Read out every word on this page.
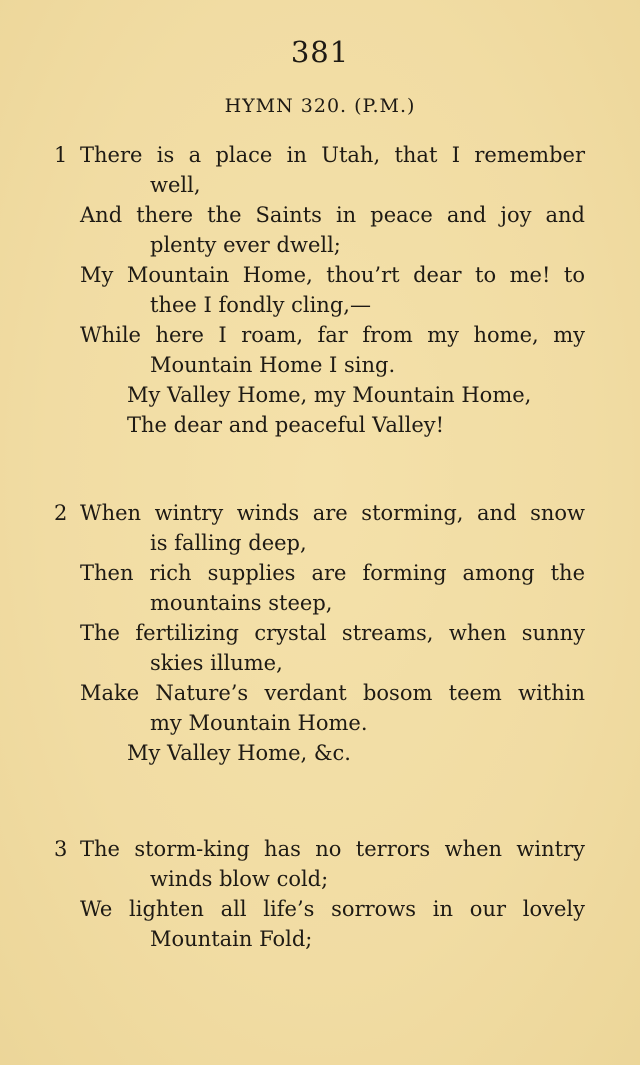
381
HYMN 320. (P.M.)
1 There is a place in Utah, that I remember
well,
And there the Saints in peace and joy and
plenty ever dwell;
My Mountain Home, thou’rt dear to me! to
thee I fondly cling,—
While here I roam, far from my home, my
Mountain Home I sing.
My Valley Home, my Mountain Home,
The dear and peaceful Valley!
2 When wintry winds are storming, and snow
is falling deep,
Then rich supplies are forming among the
mountains steep,
The fertilizing crystal streams, when sunny
skies illume,
Make Nature’s verdant bosom teem within
my Mountain Home.
My Valley Home, &c.
3 The storm-king has no terrors when wintry
winds blow cold;
We lighten all life’s sorrows in our lovely
Mountain Fold;
